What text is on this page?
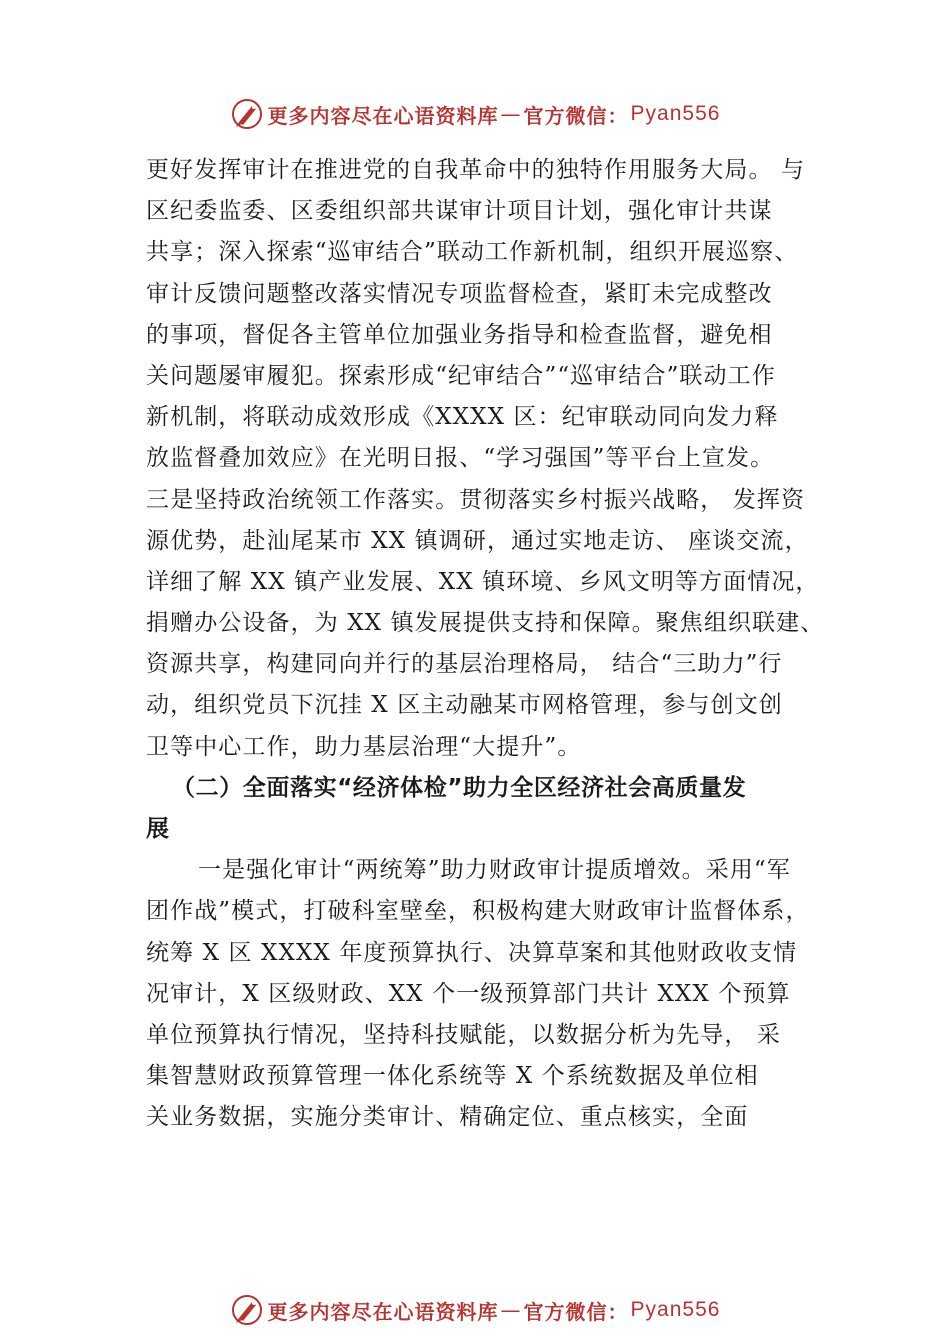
更多内容尽在心语资料库 — 官方微信： Pyan556
更好发挥审计在推进党的自我革命中的独特作用服务大局。 与
区纪委监委、区委组织部共谋审计项目计划，强化审计共谋
共享；深入探索“巡审结合”联动工作新机制，组织开展巡察、
审计反馈问题整改落实情况专项监督检查，紧盯未完成整改
的事项，督促各主管单位加强业务指导和检查监督，避免相
关问题屡审履犯。探索形成“纪审结合”“巡审结合”联动工作
新机制，将联动成效形成《XXXX 区：纪审联动同向发力释
放监督叠加效应》在光明日报、“学习强国”等平台上宣发。
三是坚持政治统领工作落实。贯彻落实乡村振兴战略， 发挥资
源优势，赴汕尾某市 XX 镇调研，通过实地走访、 座谈交流，
详细了解 XX 镇产业发展、XX 镇环境、乡风文明等方面情况，
捐赠办公设备，为 XX 镇发展提供支持和保障。聚焦组织联建、
资源共享，构建同向并行的基层治理格局， 结合“三助力”行
动，组织党员下沉挂 X 区主动融某市网格管理，参与创文创
卫等中心工作，助力基层治理“大提升”。
（二）全面落实“经济体检”助力全区经济社会高质量发
展
一是强化审计“两统筹”助力财政审计提质增效。采用“军
团作战”模式，打破科室壁垒，积极构建大财政审计监督体系，
统筹 X 区 XXXX 年度预算执行、决算草案和其他财政收支情
况审计，X 区级财政、XX 个一级预算部门共计 XXX 个预算
单位预算执行情况，坚持科技赋能，以数据分析为先导， 采
集智慧财政预算管理一体化系统等 X 个系统数据及单位相
关业务数据，实施分类审计、精确定位、重点核实，全面
更多内容尽在心语资料库 — 官方微信： Pyan556
